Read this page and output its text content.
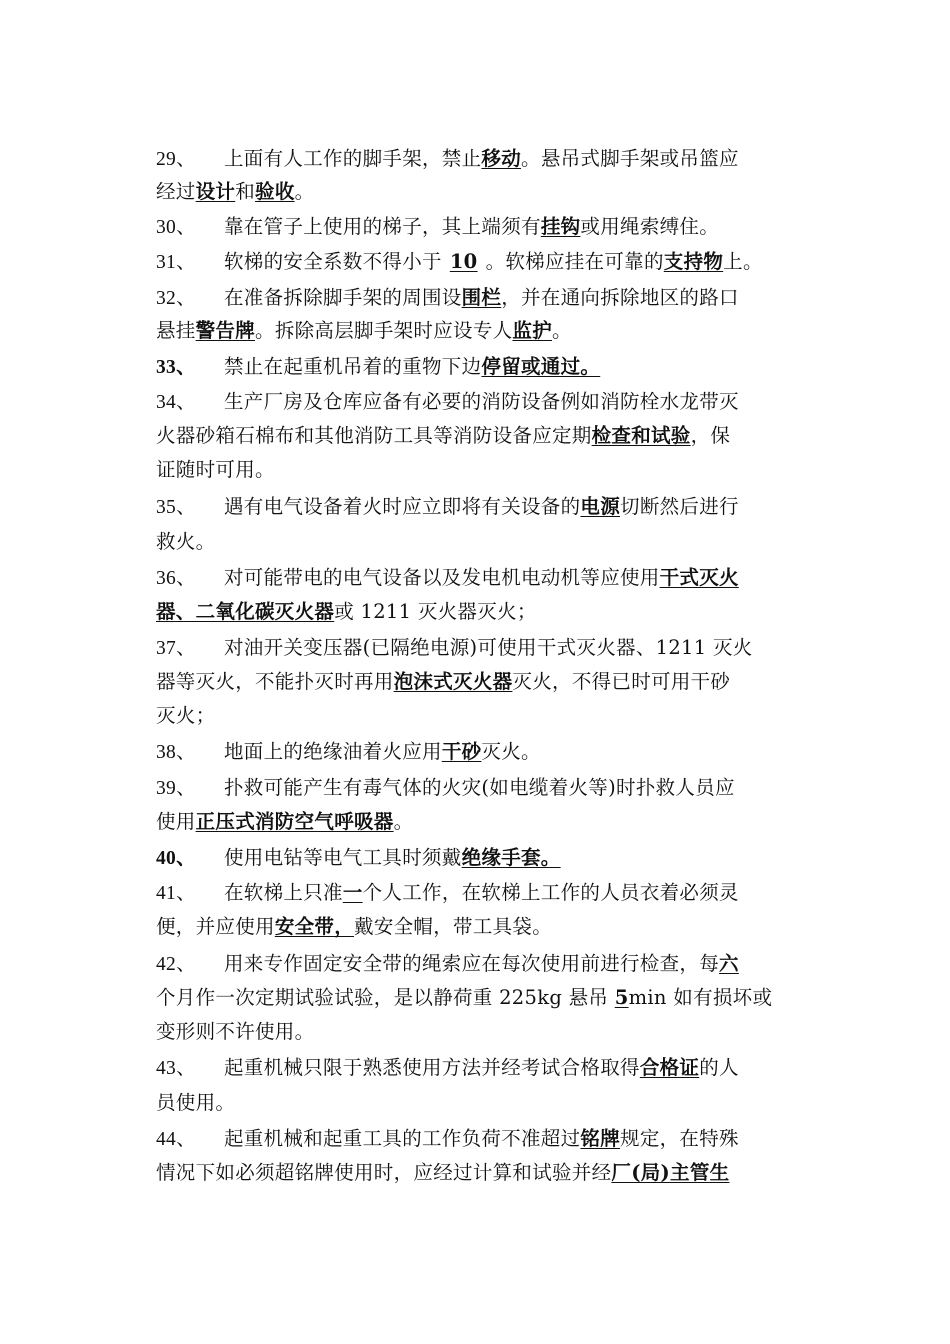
29、 上面有人工作的脚手架，禁止移动。悬吊式脚手架或吊篮应
经过设计和验收。
30、 靠在管子上使用的梯子，其上端须有挂钩或用绳索缚住。
31、 软梯的安全系数不得小于 10 。软梯应挂在可靠的支持物上。
32、 在准备拆除脚手架的周围设围栏，并在通向拆除地区的路口
悬挂警告牌。拆除高层脚手架时应设专人监护。
33、 禁止在起重机吊着的重物下边停留或通过。
34、 生产厂房及仓库应备有必要的消防设备例如消防栓水龙带灭
火器砂箱石棉布和其他消防工具等消防设备应定期检查和试验，保
证随时可用。
35、 遇有电气设备着火时应立即将有关设备的电源切断然后进行
救火。
36、 对可能带电的电气设备以及发电机电动机等应使用干式灭火
器、二氧化碳灭火器或 1211 灭火器灭火；
37、 对油开关变压器(已隔绝电源)可使用干式灭火器、1211 灭火
器等灭火，不能扑灭时再用泡沫式灭火器灭火，不得已时可用干砂
灭火；
38、 地面上的绝缘油着火应用干砂灭火。
39、 扑救可能产生有毒气体的火灾(如电缆着火等)时扑救人员应
使用正压式消防空气呼吸器。
40、 使用电钻等电气工具时须戴绝缘手套。
41、 在软梯上只准一个人工作，在软梯上工作的人员衣着必须灵
便，并应使用安全带，戴安全帽，带工具袋。
42、 用来专作固定安全带的绳索应在每次使用前进行检查，每六
个月作一次定期试验试验，是以静荷重 225kg 悬吊 5min 如有损坏或
变形则不许使用。
43、 起重机械只限于熟悉使用方法并经考试合格取得合格证的人
员使用。
44、 起重机械和起重工具的工作负荷不准超过铭牌规定，在特殊
情况下如必须超铭牌使用时，应经过计算和试验并经厂(局)主管生
